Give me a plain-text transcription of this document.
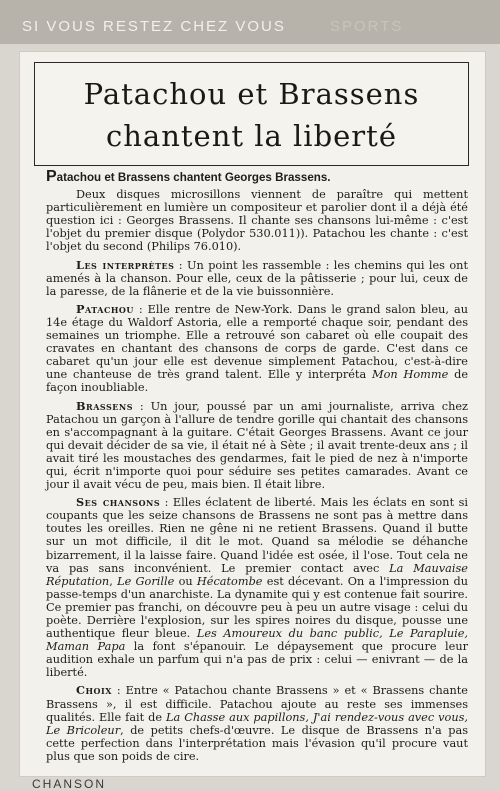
SI VOUS RESTEZ CHEZ VOUS	SPORTS
Patachou et Brassens
chantent la liberté
Patachou et Brassens chantent Georges Brassens.

Deux disques microsillons viennent de paraître qui mettent particulièrement en lumière un compositeur et parolier dont il a déjà été question ici : Georges Brassens. Il chante ses chansons lui-même : c'est l'objet du premier disque (Polydor 530.011)). Patachou les chante : c'est l'objet du second (Philips 76.010).

Les interprètes : Un point les rassemble : les chemins qui les ont amenés à la chanson. Pour elle, ceux de la pâtisserie ; pour lui, ceux de la paresse, de la flânerie et de la vie buissonnière.

Patachou : Elle rentre de New-York. Dans le grand salon bleu, au 14e étage du Waldorf Astoria, elle a remporté chaque soir, pendant des semaines un triomphe. Elle a retrouvé son cabaret où elle coupait des cravates en chantant des chansons de corps de garde. C'est dans ce cabaret qu'un jour elle est devenue simplement Patachou, c'est-à-dire une chanteuse de très grand talent. Elle y interpréta Mon Homme de façon inoubliable.

Brassens : Un jour, poussé par un ami journaliste, arriva chez Patachou un garçon à l'allure de tendre gorille qui chantait des chansons en s'accompagnant à la guitare. C'était Georges Brassens. Avant ce jour qui devait décider de sa vie, il était né à Sète ; il avait trente-deux ans ; il avait tiré les moustaches des gendarmes, fait le pied de nez à n'importe qui, écrit n'importe quoi pour séduire ses petites camarades. Avant ce jour il avait vécu de peu, mais bien. Il était libre.

Ses chansons : Elles éclatent de liberté. Mais les éclats en sont si coupants que les seize chansons de Brassens ne sont pas à mettre dans toutes les oreilles. Rien ne gêne ni ne retient Brassens. Quand il butte sur un mot difficile, il dit le mot. Quand sa mélodie se déhanche bizarrement, il la laisse faire. Quand l'idée est osée, il l'ose. Tout cela ne va pas sans inconvénient. Le premier contact avec La Mauvaise Réputation, Le Gorille ou Hécatombe est décevant. On a l'impression du passe-temps d'un anarchiste. La dynamite qui y est contenue fait sourire. Ce premier pas franchi, on découvre peu à peu un autre visage : celui du poète. Derrière l'explosion, sur les spires noires du disque, pousse une authentique fleur bleue. Les Amoureux du banc public, Le Parapluie, Maman Papa la font s'épanouir. Le dépaysement que procure leur audition exhale un parfum qui n'a pas de prix : celui — enivrant — de la liberté.

Choix : Entre « Patachou chante Brassens » et « Brassens chante Brassens », il est difficile. Patachou ajoute au reste ses immenses qualités. Elle fait de La Chasse aux papillons, J'ai rendez-vous avec vous, Le Bricoleur, de petits chefs-d'œuvre. Le disque de Brassens n'a pas cette perfection dans l'interprétation mais l'évasion qu'il procure vaut plus que son poids de cire.

CHANSON
